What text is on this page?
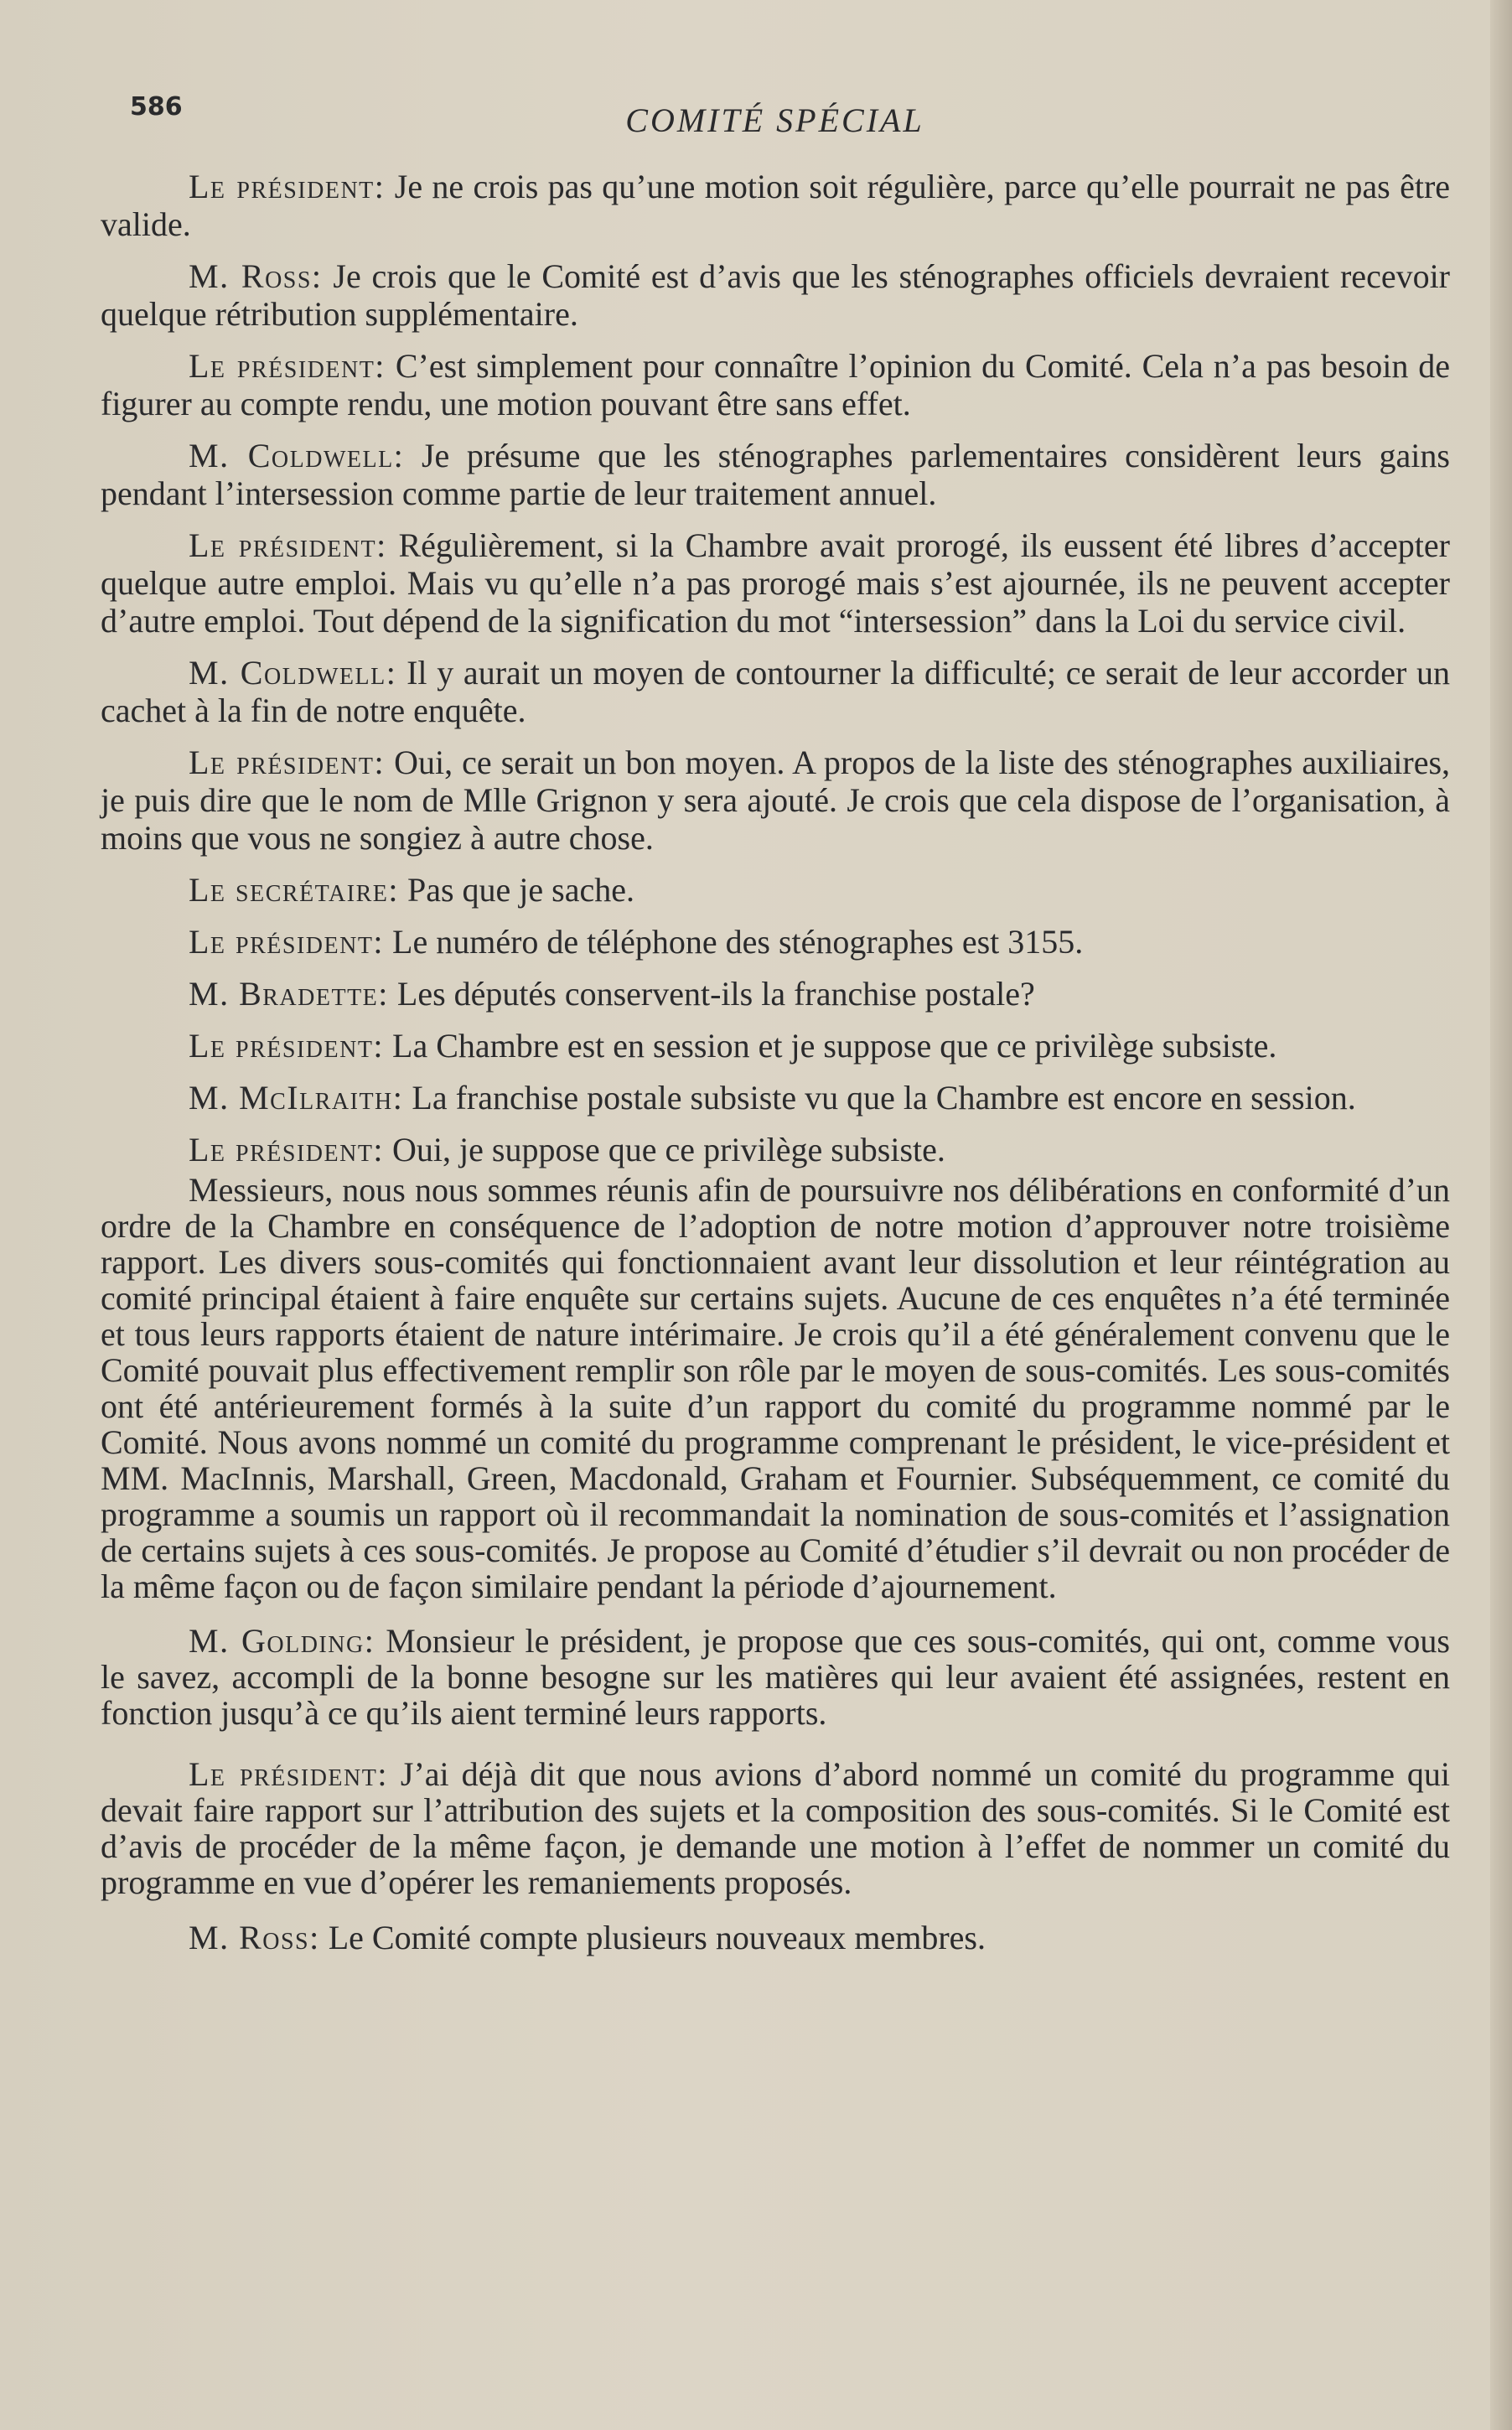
586	COMITÉ SPÉCIAL

Le président: Je ne crois pas qu’une motion soit régulière, parce qu’elle pourrait ne pas être valide.

M. Ross: Je crois que le Comité est d’avis que les sténographes officiels devraient recevoir quelque rétribution supplémentaire.

Le président: C’est simplement pour connaître l’opinion du Comité. Cela n’a pas besoin de figurer au compte rendu, une motion pouvant être sans effet.

M. Coldwell: Je présume que les sténographes parlementaires considèrent leurs gains pendant l’intersession comme partie de leur traitement annuel.

Le président: Régulièrement, si la Chambre avait prorogé, ils eussent été libres d’accepter quelque autre emploi. Mais vu qu’elle n’a pas prorogé mais s’est ajournée, ils ne peuvent accepter d’autre emploi. Tout dépend de la signification du mot “intersession” dans la Loi du service civil.

M. Coldwell: Il y aurait un moyen de contourner la difficulté; ce serait de leur accorder un cachet à la fin de notre enquête.

Le président: Oui, ce serait un bon moyen. A propos de la liste des sténographes auxiliaires, je puis dire que le nom de Mlle Grignon y sera ajouté. Je crois que cela dispose de l’organisation, à moins que vous ne songiez à autre chose.

Le secrétaire: Pas que je sache.

Le président: Le numéro de téléphone des sténographes est 3155.

M. Bradette: Les députés conservent-ils la franchise postale?

Le président: La Chambre est en session et je suppose que ce privilège subsiste.

M. McIlraith: La franchise postale subsiste vu que la Chambre est encore en session.

Le président: Oui, je suppose que ce privilège subsiste.

Messieurs, nous nous sommes réunis afin de poursuivre nos délibérations en conformité d’un ordre de la Chambre en conséquence de l’adoption de notre motion d’approuver notre troisième rapport. Les divers sous-comités qui fonctionnaient avant leur dissolution et leur réintégration au comité principal étaient à faire enquête sur certains sujets. Aucune de ces enquêtes n’a été terminée et tous leurs rapports étaient de nature intérimaire. Je crois qu’il a été généralement convenu que le Comité pouvait plus effectivement remplir son rôle par le moyen de sous-comités. Les sous-comités ont été antérieurement formés à la suite d’un rapport du comité du programme nommé par le Comité. Nous avons nommé un comité du programme comprenant le président, le vice-président et MM. MacInnis, Marshall, Green, Macdonald, Graham et Fournier. Subséquemment, ce comité du programme a soumis un rapport où il recommandait la nomination de sous-comités et l’assignation de certains sujets à ces sous-comités. Je propose au Comité d’étudier s’il devrait ou non procéder de la même façon ou de façon similaire pendant la période d’ajournement.

M. Golding: Monsieur le président, je propose que ces sous-comités, qui ont, comme vous le savez, accompli de la bonne besogne sur les matières qui leur avaient été assignées, restent en fonction jusqu’à ce qu’ils aient terminé leurs rapports.

Le président: J’ai déjà dit que nous avions d’abord nommé un comité du programme qui devait faire rapport sur l’attribution des sujets et la composition des sous-comités. Si le Comité est d’avis de procéder de la même façon, je demande une motion à l’effet de nommer un comité du programme en vue d’opérer les remaniements proposés.

M. Ross: Le Comité compte plusieurs nouveaux membres.
